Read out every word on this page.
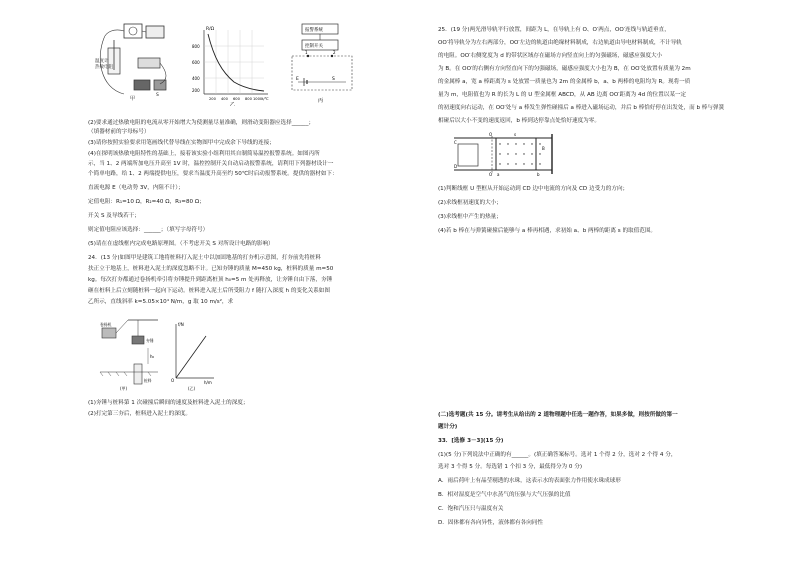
温度计
热敏电阻
S
甲
R/Ω
800
600
400
200
200 400 600 800 1000 t/℃
乙
报警系统
控制开关
1	2
E	S
丙
(2)要求通过热敏电阻的电流从零开始增大为使测量尽量准确，则滑动变阻器应选择______；
（填器材前的字母标号）
(3)请你按照实验要求用笔画线代替导线在实物图甲中完成余下导线的连接；
(4)在探明该热敏电阻特性的基础上，接着该实验小组利用其自制简易温控报警系统。如图丙所
示，当 1、2 两端所加电压升高至 1V 时，温控控制开关自动启动报警系统，请利用下列器材设计一
个简单电路，给 1、2 两端提供电压，要求当温度升高至约 50℃时启动报警系统。提供的器材如下：
直流电源 E（电动势 3V，内阻不计）；
定值电阻：R₁=10 Ω，R₂=40 Ω，R₃=80 Ω；
开关 S 及导线若干；
则定值电阻应该选择：______；（填写字母符号）
(5)请在在虚线框内完成电路原理图。（不考虑开关 S 对所设计电路的影响）
24．(13 分)如图甲是建筑工地将桩料打入泥土中以加固地基的打夯机示意图，打夯前先将桩料
扶正立于地基上，桩料进入泥土的深度忽略不计。已知夯锤的质量 M=450 kg，桩料的质量 m=50
kg。每次打夯都通过卷扬机牵引将夯锤提升到距离桩顶 h₀=5 m 处再释放，让夯锤自由下落，夯锤
砸在桩料上后立刻随桩料一起向下运动。桩料进入泥土后所受阻力 f 随打入深度 h 的变化关系如图
乙所示，直线斜率 k=5.05×10⁴ N/m，g 取 10 m/s²，求
h₀
卷扬机
夯锤
桩料
(甲)
f/N
h/m
O
(乙)
(1)夯锤与桩料第 1 次碰撞后瞬间的速度及桩料进入泥土的深度；
(2)打完第三夯后，桩料进入泥土的深度。
25．(19 分)两光滑导轨平行放置，间距为 L，在导轨上有 O、O′两点，OO′连线与轨道垂直，
OO′将导轨分为左右两部分，OO′左边的轨道由绝缘材料制成，右边轨道由导电材料制成，不计导轨
的电阻。OO′右侧宽度为 d 的带状区域存在磁场方向竖直向上的匀强磁场，磁感应强度大小
为 B。在 OO′的右侧有方向竖直向下的匀强磁场，磁感应强度大小也为 B，在 OO′处放置有质量为 2m
的金属棒 a，宽 a 棒距离为 s 处放置一质量也为 2m 的金属棒 b，a、b 两棒的电阻均为 R。现将一质
量为 m，电阻值也为 R 的长为 L 的 U 型金属框 ABCD，从 AB 边离 OO′距离为 4d 的位置以某一定
的初速度向右运动，在 OO′处与 a 棒发生弹性碰撞后 a 棒进入磁场运动，并后 b 棒恰好停在出发处，而 b 棒与弹簧
相碰后以大小不变的速度返回，b 棒到达停靠点处恰好速度为零。
O
O′ a	b
C
D
B
s
(1)判断线框 U 型框从开始运动到 CD 边中电流的方向及 CD 边受力的方向；
(2)求线框初速度的大小；
(3)求线框中产生的热量；
(4)若 b 棒在与弹簧碰撞后能够与 a 棒再相遇，求初始 a、b 两棒的距离 s 的取值范围。
(二)选考题(共 15 分。请考生从给出的 2 道物理题中任选一题作答，如果多做，则按所做的第一
题计分)
33．[选修 3－3](15 分)
(1)(5 分)下列说法中正确的有______。(填正确答案标号。选对 1 个得 2 分，选对 2 个得 4 分，
选对 3 个得 5 分。每选错 1 个扣 3 分，最低得分为 0 分)
A．雨后荷叶上有晶莹剔透的水珠，这表示水的表面张力作用使水珠成球形
B．相对湿度是空气中水蒸气的压强与大气压强的比值
C．饱和汽压只与温度有关
D．固体都有各向异性，液体都有各向同性
